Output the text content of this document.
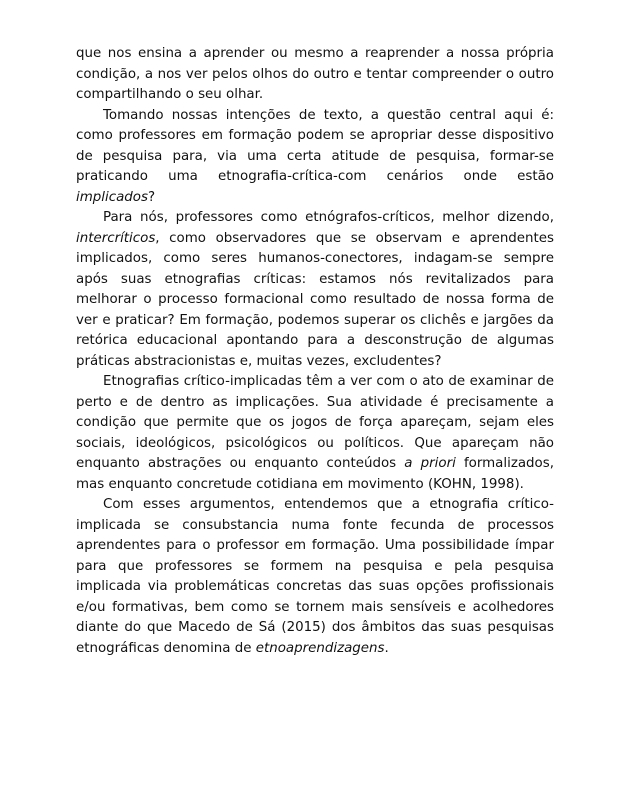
que nos ensina a aprender ou mesmo a reaprender a nossa própria condição, a nos ver pelos olhos do outro e tentar compreender o outro compartilhando o seu olhar.

Tomando nossas intenções de texto, a questão central aqui é: como professores em formação podem se apropriar desse dispositivo de pesquisa para, via uma certa atitude de pesquisa, formar-se praticando uma etnografia-crítica-com cenários onde estão implicados?

Para nós, professores como etnógrafos-críticos, melhor dizendo, intercríticos, como observadores que se observam e aprendentes implicados, como seres humanos-conectores, indagam-se sempre após suas etnografias críticas: estamos nós revitalizados para melhorar o processo formacional como resultado de nossa forma de ver e praticar? Em formação, podemos superar os clichês e jargões da retórica educacional apontando para a desconstrução de algumas práticas abstracionistas e, muitas vezes, excludentes?

Etnografias crítico-implicadas têm a ver com o ato de examinar de perto e de dentro as implicações. Sua atividade é precisamente a condição que permite que os jogos de força apareçam, sejam eles sociais, ideológicos, psicológicos ou políticos. Que apareçam não enquanto abstrações ou enquanto conteúdos a priori formalizados, mas enquanto concretude cotidiana em movimento (KOHN, 1998).

Com esses argumentos, entendemos que a etnografia crítico-implicada se consubstancia numa fonte fecunda de processos aprendentes para o professor em formação. Uma possibilidade ímpar para que professores se formem na pesquisa e pela pesquisa implicada via problemáticas concretas das suas opções profissionais e/ou formativas, bem como se tornem mais sensíveis e acolhedores diante do que Macedo de Sá (2015) dos âmbitos das suas pesquisas etnográficas denomina de etnoaprendizagens.
